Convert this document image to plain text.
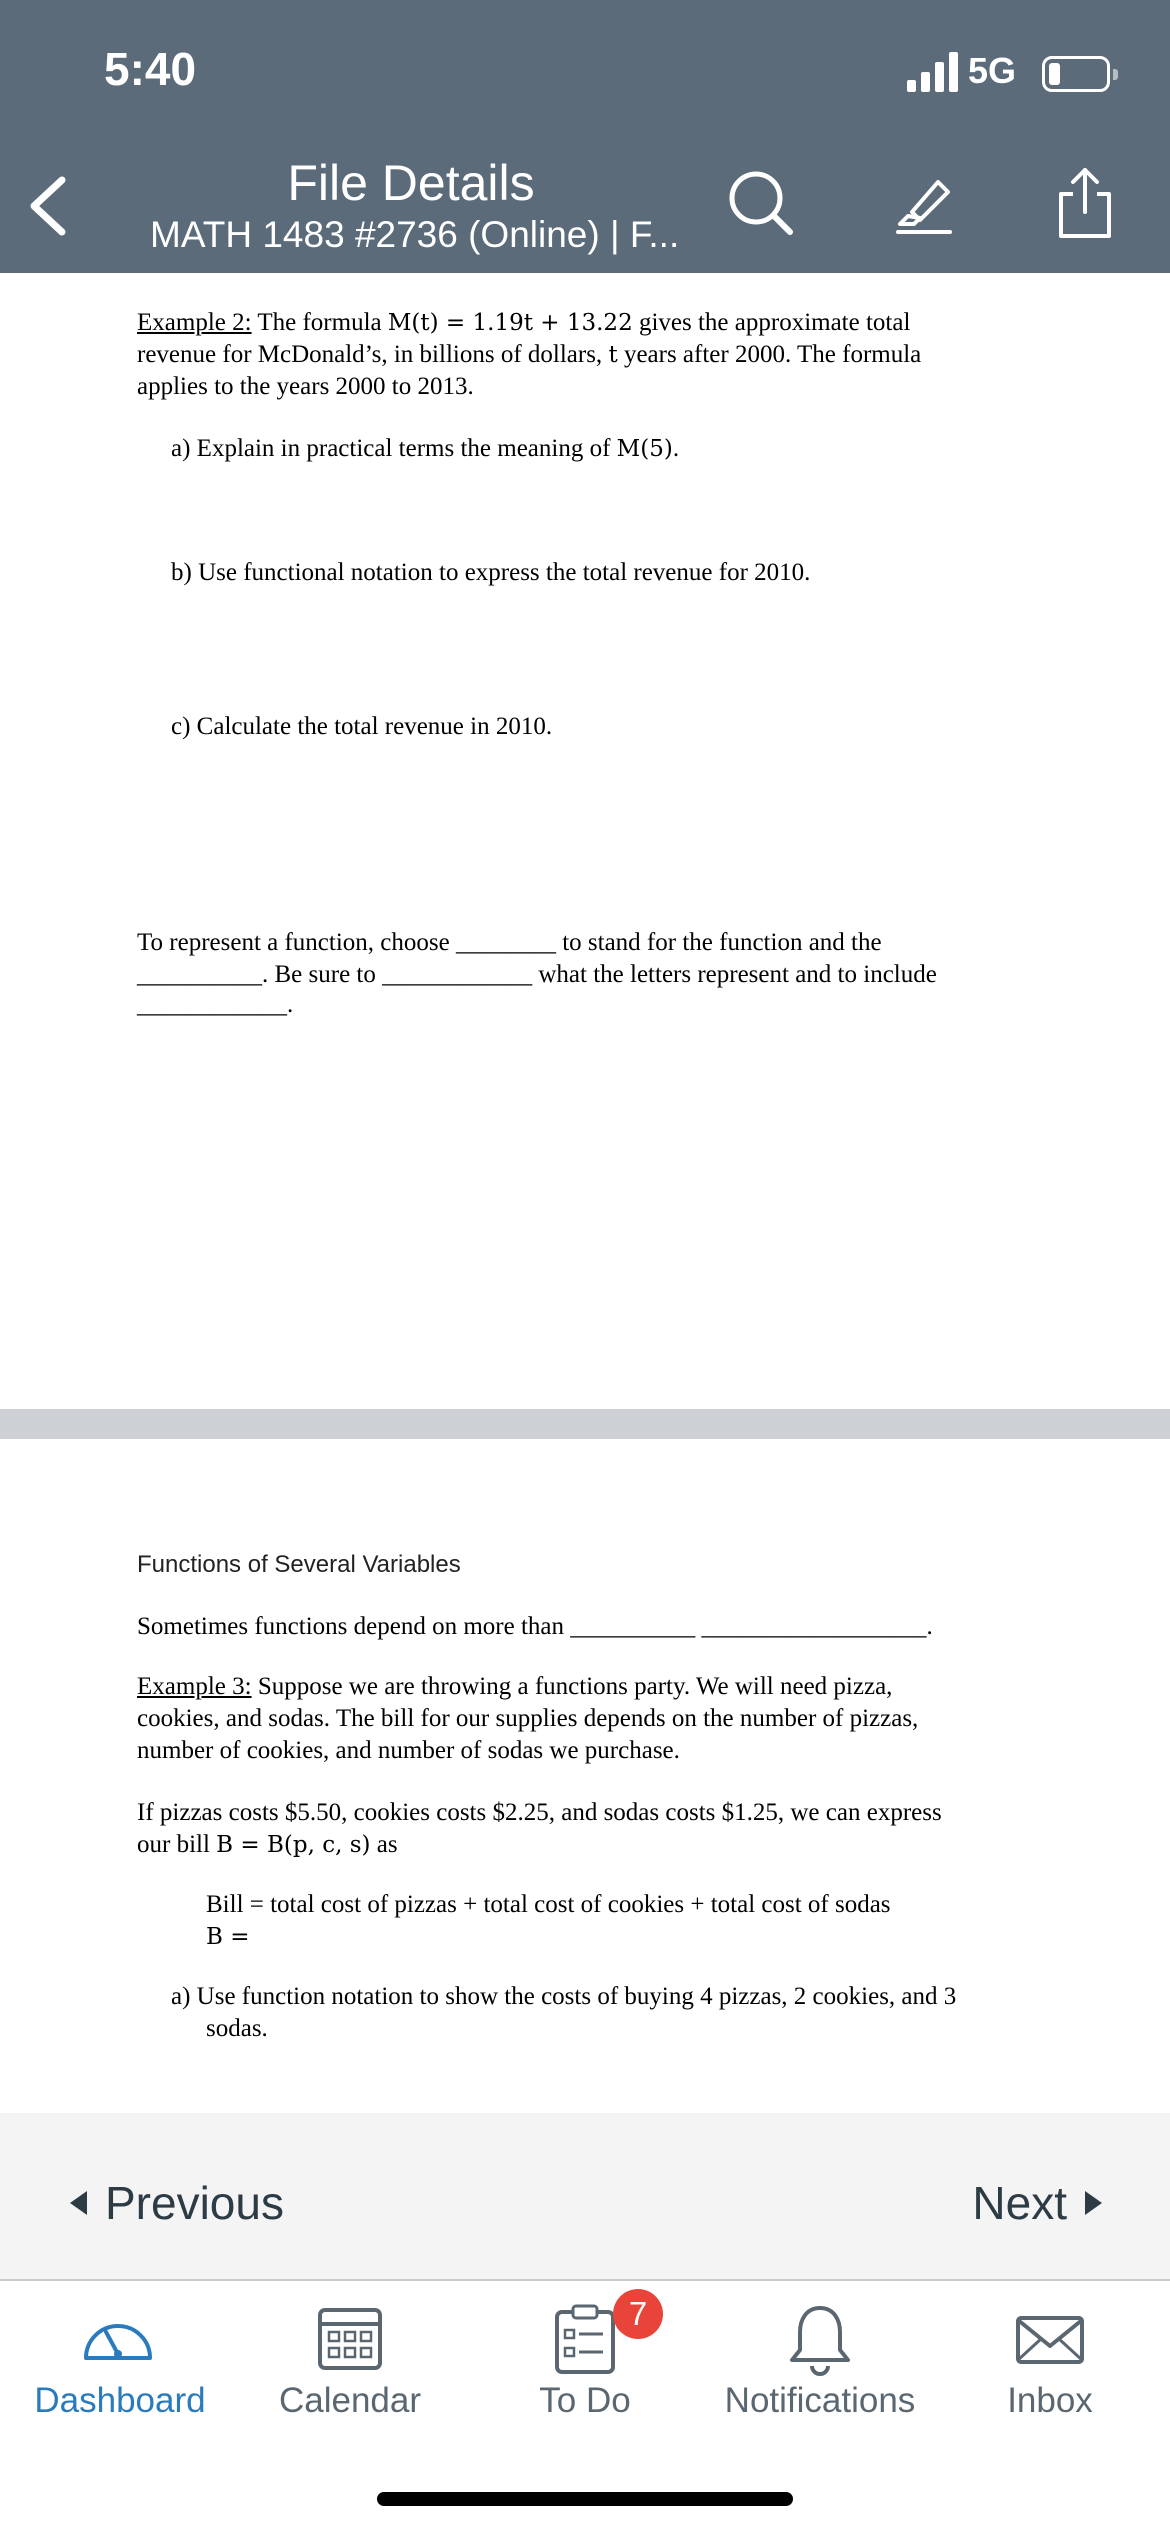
5:40	5G
File Details
MATH 1483 #2736 (Online) | F...
Example 2: The formula M(t) = 1.19t + 13.22 gives the approximate total
revenue for McDonald’s, in billions of dollars, t years after 2000. The formula
applies to the years 2000 to 2013.
a) Explain in practical terms the meaning of M(5).
b) Use functional notation to express the total revenue for 2010.
c) Calculate the total revenue in 2010.
To represent a function, choose ________ to stand for the function and the
__________. Be sure to ____________ what the letters represent and to include
____________.
Functions of Several Variables
Sometimes functions depend on more than __________ __________________.
Example 3: Suppose we are throwing a functions party. We will need pizza,
cookies, and sodas. The bill for our supplies depends on the number of pizzas,
number of cookies, and number of sodas we purchase.
If pizzas costs $5.50, cookies costs $2.25, and sodas costs $1.25, we can express
our bill B = B(p, c, s) as
Bill = total cost of pizzas + total cost of cookies + total cost of sodas
B =
a) Use function notation to show the costs of buying 4 pizzas, 2 cookies, and 3
sodas.
Previous	Next
Dashboard	Calendar
7
To Do	Notifications	Inbox
